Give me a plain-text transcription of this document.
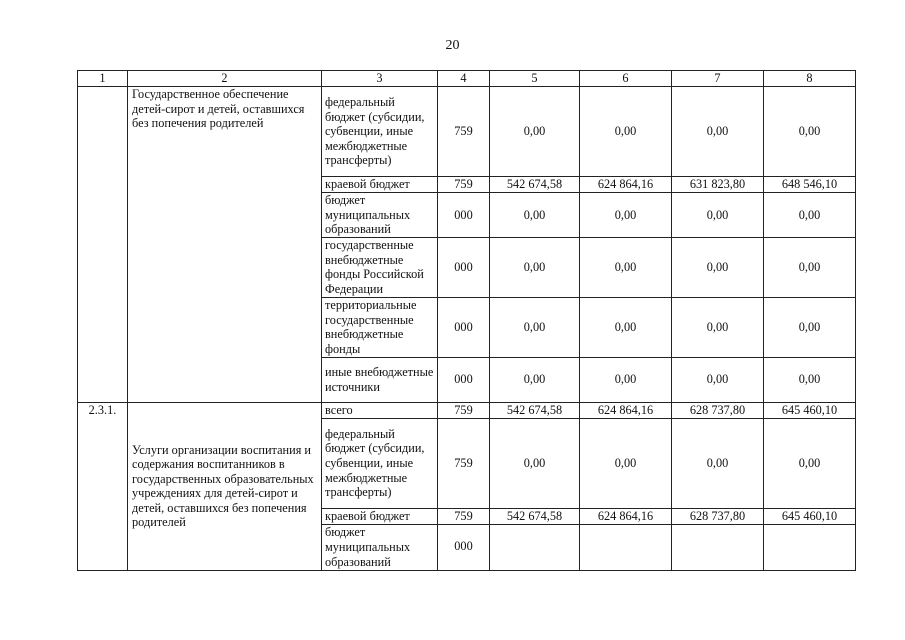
20
1	2	3	4	5	6	7	8
	Государственное обеспечение детей-сирот и детей, оставшихся без попечения родителей	федеральный бюджет (субсидии, субвенции, иные межбюджетные трансферты)	759	0,00	0,00	0,00	0,00
		краевой бюджет	759	542 674,58	624 864,16	631 823,80	648 546,10
		бюджет муниципальных образований	000	0,00	0,00	0,00	0,00
		государственные внебюджетные фонды Российской Федерации	000	0,00	0,00	0,00	0,00
		территориальные государственные внебюджетные фонды	000	0,00	0,00	0,00	0,00
		иные внебюджетные источники	000	0,00	0,00	0,00	0,00
2.3.1.	Услуги организации воспитания и содержания воспитанников в государственных образовательных учреждениях для детей-сирот и детей, оставшихся без попечения родителей	всего	759	542 674,58	624 864,16	628 737,80	645 460,10
		федеральный бюджет (субсидии, субвенции, иные межбюджетные трансферты)	759	0,00	0,00	0,00	0,00
		краевой бюджет	759	542 674,58	624 864,16	628 737,80	645 460,10
		бюджет муниципальных образований	000				
